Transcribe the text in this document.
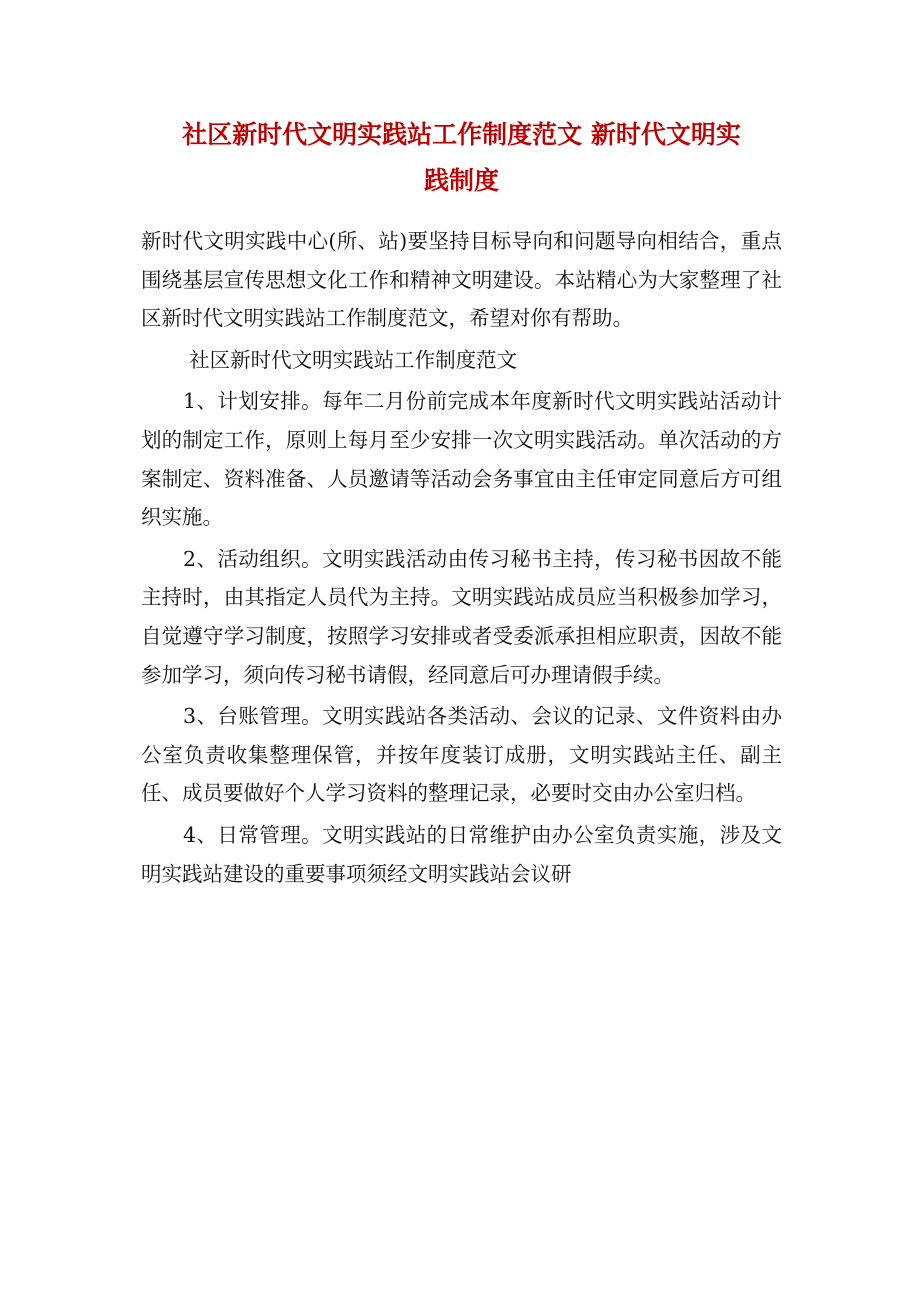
社区新时代文明实践站工作制度范文 新时代文明实
践制度

新时代文明实践中心(所、站)要坚持目标导向和问题导向相结合，重点围绕基层宣传思想文化工作和精神文明建设。本站精心为大家整理了社区新时代文明实践站工作制度范文，希望对你有帮助。

社区新时代文明实践站工作制度范文

1、计划安排。每年二月份前完成本年度新时代文明实践站活动计划的制定工作，原则上每月至少安排一次文明实践活动。单次活动的方案制定、资料准备、人员邀请等活动会务事宜由主任审定同意后方可组织实施。

2、活动组织。文明实践活动由传习秘书主持，传习秘书因故不能主持时，由其指定人员代为主持。文明实践站成员应当积极参加学习，自觉遵守学习制度，按照学习安排或者受委派承担相应职责，因故不能参加学习，须向传习秘书请假，经同意后可办理请假手续。

3、台账管理。文明实践站各类活动、会议的记录、文件资料由办公室负责收集整理保管，并按年度装订成册，文明实践站主任、副主任、成员要做好个人学习资料的整理记录，必要时交由办公室归档。

4、日常管理。文明实践站的日常维护由办公室负责实施，涉及文明实践站建设的重要事项须经文明实践站会议研
